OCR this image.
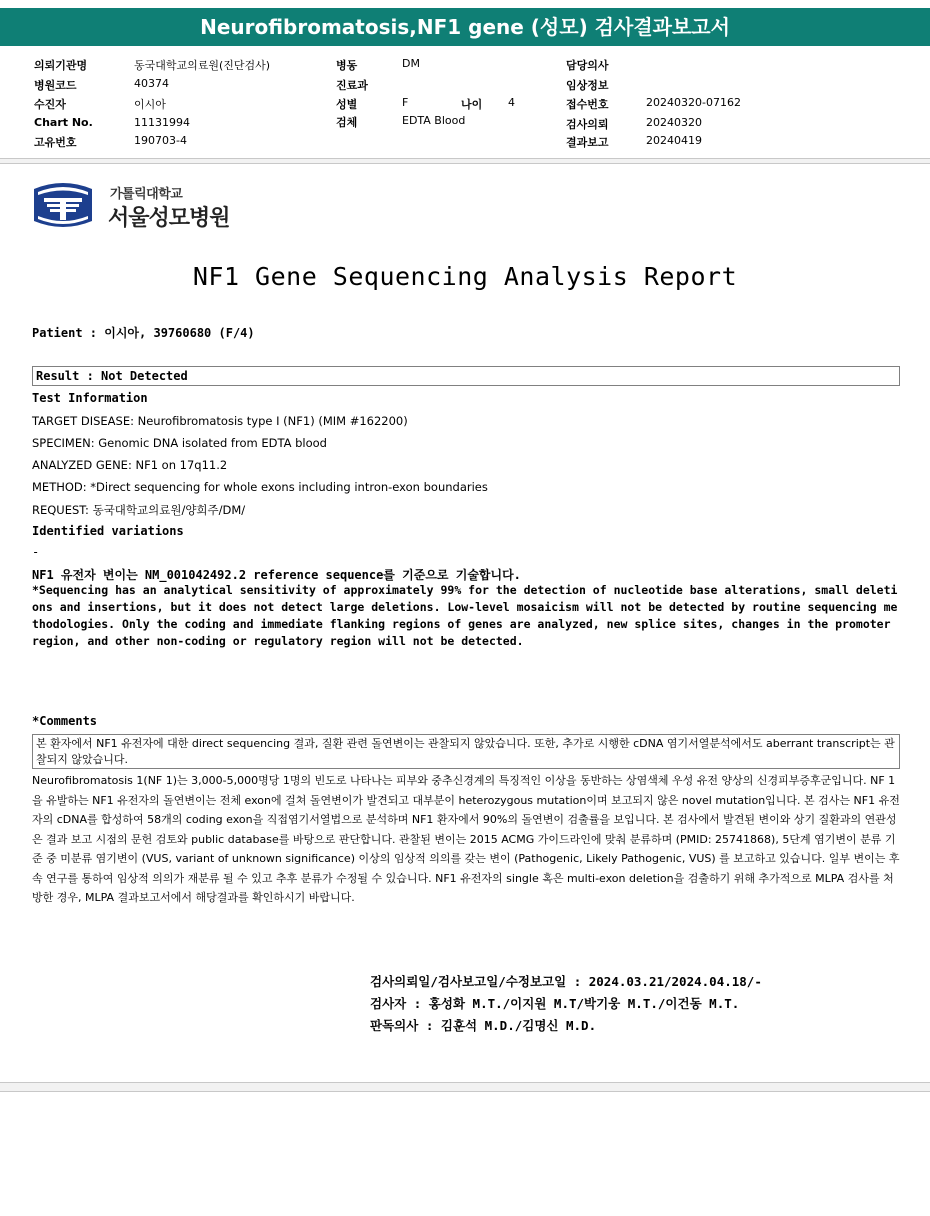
Neurofibromatosis,NF1 gene (성모) 검사결과보고서
의뢰기관명	동국대학교의료원(진단검사)
병원코드	40374
수진자	이시아
Chart No.	11131994
고유번호	190703-4
병동	DM
진료과
성별	F	나이 4
검체	EDTA Blood
담당의사
임상정보
접수번호	20240320-07162
검사의뢰	20240320
결과보고	20240419
가톨릭대학교
서울성모병원
NF1 Gene Sequencing Analysis Report
Patient : 이시아, 39760680 (F/4)
Result : Not Detected
Test Information
TARGET DISEASE: Neurofibromatosis type I (NF1) (MIM #162200)
SPECIMEN: Genomic DNA isolated from EDTA blood
ANALYZED GENE: NF1 on 17q11.2
METHOD: *Direct sequencing for whole exons including intron-exon boundaries
REQUEST: 동국대학교의료원/양희주/DM/
Identified variations
-
NF1 유전자 변이는 NM_001042492.2 reference sequence를 기준으로 기술합니다.
*Sequencing has an analytical sensitivity of approximately 99% for the detection of nucleotide base alterations, small deletions and insertions, but it does not detect large deletions. Low-level mosaicism will not be detected by routine sequencing methodologies. Only the coding and immediate flanking regions of genes are analyzed, new splice sites, changes in the promoter region, and other non-coding or regulatory region will not be detected.
*Comments
본 환자에서 NF1 유전자에 대한 direct sequencing 결과, 질환 관련 돌연변이는 관찰되지 않았습니다. 또한, 추가로 시행한 cDNA 염기서열분석에서도 aberrant transcript는 관찰되지 않았습니다.
Neurofibromatosis 1(NF 1)는 3,000-5,000명당 1명의 빈도로 나타나는 피부와 중추신경계의 특징적인 이상을 동반하는 상염색체 우성 유전 양상의 신경피부증후군입니다. NF 1을 유발하는 NF1 유전자의 돌연변이는 전체 exon에 걸쳐 돌연변이가 발견되고 대부분이 heterozygous mutation이며 보고되지 않은 novel mutation입니다. 본 검사는 NF1 유전자의 cDNA를 합성하여 58개의 coding exon을 직접염기서열법으로 분석하며 NF1 환자에서 90%의 돌연변이 검출률을 보입니다. 본 검사에서 발견된 변이와 상기 질환과의 연관성은 결과 보고 시점의 문헌 검토와 public database를 바탕으로 판단합니다. 관찰된 변이는 2015 ACMG 가이드라인에 맞춰 분류하며 (PMID: 25741868), 5단계 염기변이 분류 기준 중 미분류 염기변이 (VUS, variant of unknown significance) 이상의 임상적 의의를 갖는 변이 (Pathogenic, Likely Pathogenic, VUS) 를 보고하고 있습니다. 일부 변이는 후속 연구를 통하여 임상적 의의가 재분류 될 수 있고 추후 분류가 수정될 수 있습니다. NF1 유전자의 single 혹은 multi-exon deletion을 검출하기 위해 추가적으로 MLPA 검사를 처방한 경우, MLPA 결과보고서에서 해당결과를 확인하시기 바랍니다.
검사의뢰일/검사보고일/수정보고일 : 2024.03.21/2024.04.18/-
검사자 : 홍성화 M.T./이지원 M.T/박기웅 M.T./이건동 M.T.
판독의사 : 김훈석 M.D./김명신 M.D.
